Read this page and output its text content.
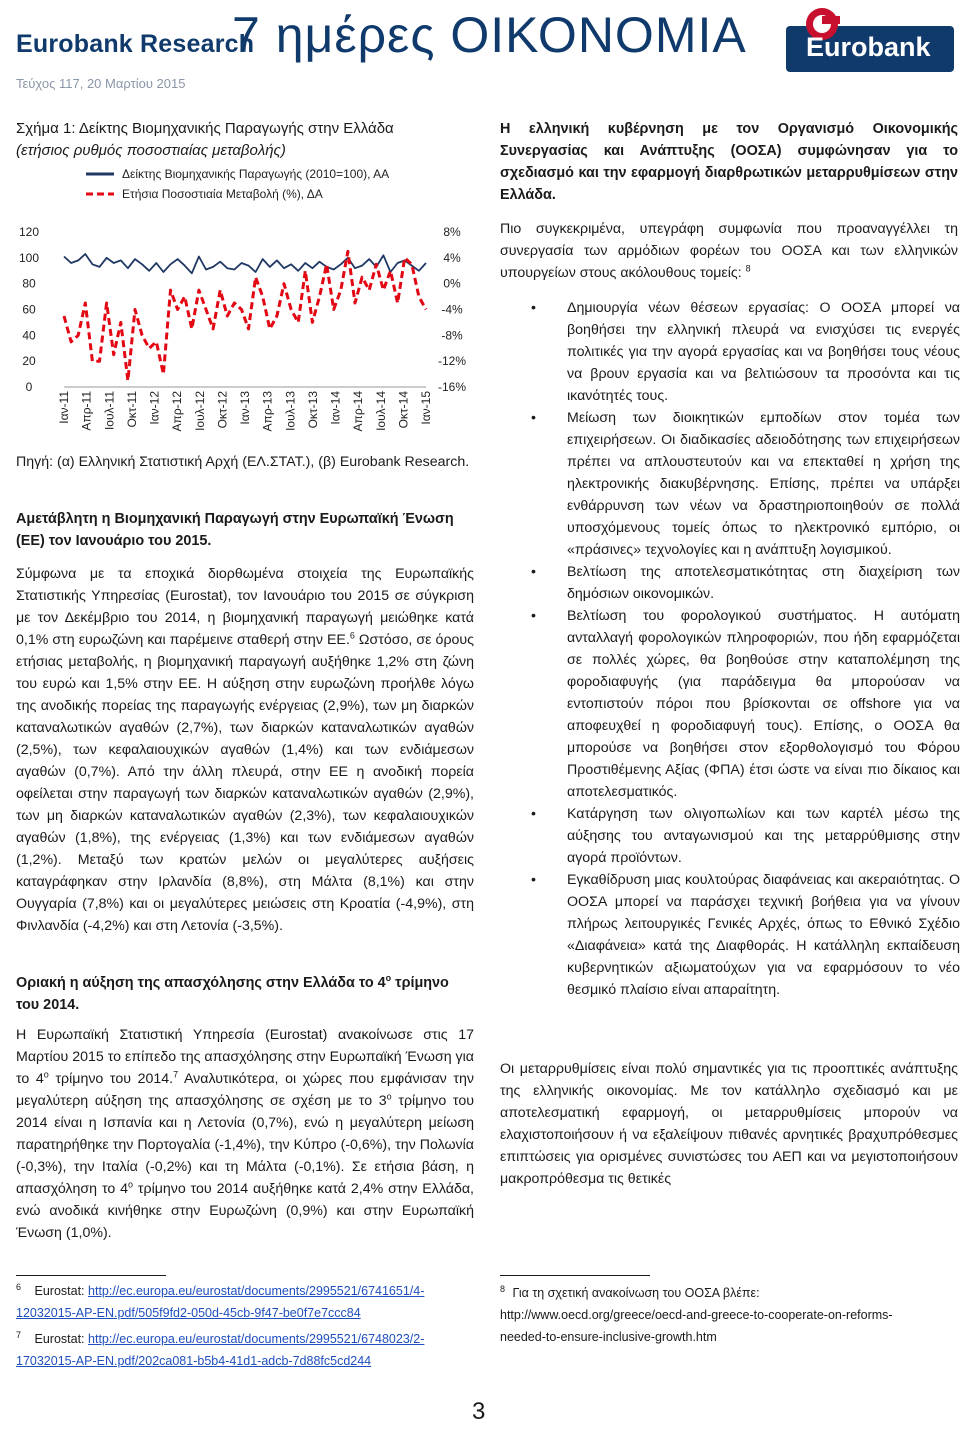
Eurobank Research
Τεύχος 117, 20 Μαρτίου 2015
7 ημέρες ΟΙΚΟΝΟΜΙΑ Eurobank
Σχήμα 1: Δείκτης Βιομηχανικής Παραγωγής στην Ελλάδα
(ετήσιος ρυθμός ποσοστιαίας μεταβολής)
Δείκτης Βιομηχανικής Παραγωγής (2010=100), ΑΑ
Ετήσια Ποσοστιαία Μεταβολή (%), ΔΑ
120
100
80
60
40
20
0
8%
4%
0%
-4%
-8%
-12%
-16%
Ιαν-11 Απρ-11 Ιουλ-11 Οκτ-11 Ιαν-12 Απρ-12 Ιουλ-12 Οκτ-12 Ιαν-13 Απρ-13 Ιουλ-13 Οκτ-13 Ιαν-14 Απρ-14 Ιουλ-14 Οκτ-14 Ιαν-15
Πηγή: (α) Ελληνική Στατιστική Αρχή (ΕΛ.ΣΤΑΤ.), (β) Eurobank Research.
Αμετάβλητη η Βιομηχανική Παραγωγή στην Ευρωπαϊκή Ένωση (ΕΕ) τον Ιανουάριο του 2015.
Σύμφωνα με τα εποχικά διορθωμένα στοιχεία της Ευρωπαϊκής Στατιστικής Υπηρεσίας (Eurostat), τον Ιανουάριο του 2015 σε σύγκριση με τον Δεκέμβριο του 2014, η βιομηχανική παραγωγή μειώθηκε κατά 0,1% στη ευρωζώνη και παρέμεινε σταθερή στην ΕΕ.$^6$ Ωστόσο, σε όρους ετήσιας μεταβολής, η βιομηχανική παραγωγή αυξήθηκε 1,2% στη ζώνη του ευρώ και 1,5% στην ΕΕ. Η αύξηση στην ευρωζώνη προήλθε λόγω της ανοδικής πορείας της παραγωγής ενέργειας (2,9%), των μη διαρκών καταναλωτικών αγαθών (2,7%), των διαρκών καταναλωτικών αγαθών (2,5%), των κεφαλαιουχικών αγαθών (1,4%) και των ενδιάμεσων αγαθών (0,7%). Από την άλλη πλευρά, στην ΕΕ η ανοδική πορεία οφείλεται στην παραγωγή των διαρκών καταναλωτικών αγαθών (2,9%), των μη διαρκών καταναλωτικών αγαθών (2,3%), των κεφαλαιουχικών αγαθών (1,8%), της ενέργειας (1,3%) και των ενδιάμεσων αγαθών (1,2%). Μεταξύ των κρατών μελών οι μεγαλύτερες αυξήσεις καταγράφηκαν στην Ιρλανδία (8,8%), στη Μάλτα (8,1%) και στην Ουγγαρία (7,8%) και οι μεγαλύτερες μειώσεις στη Κροατία (-4,9%), στη Φινλανδία (-4,2%) και στη Λετονία (-3,5%).
Οριακή η αύξηση της απασχόλησης στην Ελλάδα το $4^o$ τρίμηνο του 2014.
Η Ευρωπαϊκή Στατιστική Υπηρεσία (Eurostat) ανακοίνωσε στις 17 Μαρτίου 2015 το επίπεδο της απασχόλησης στην Ευρωπαϊκή Ένωση για το $4^o$ τρίμηνο του 2014.$^7$ Αναλυτικότερα, οι χώρες που εμφάνισαν την μεγαλύτερη αύξηση της απασχόλησης σε σχέση με το $3^o$ τρίμηνο του 2014 είναι η Ισπανία και η Λετονία (0,7%), ενώ η μεγαλύτερη μείωση παρατηρήθηκε την Πορτογαλία (-1,4%), την Κύπρο (-0,6%), την Πολωνία (-0,3%), την Ιταλία (-0,2%) και τη Μάλτα (-0,1%). Σε ετήσια βάση, η απασχόληση το $4^o$ τρίμηνο του 2014 αυξήθηκε κατά 2,4% στην Ελλάδα, ενώ ανοδικά κινήθηκε στην Ευρωζώνη (0,9%) και στην Ευρωπαϊκή Ένωση (1,0%).
Η ελληνική κυβέρνηση με τον Οργανισμό Οικονομικής Συνεργασίας και Ανάπτυξης (ΟΟΣΑ) συμφώνησαν για το σχεδιασμό και την εφαρμογή διαρθρωτικών μεταρρυθμίσεων στην Ελλάδα.
Πιο συγκεκριμένα, υπεγράφη συμφωνία που προαναγγέλλει τη συνεργασία των αρμόδιων φορέων του ΟΟΣΑ και των ελληνικών υπουργείων στους ακόλουθους τομείς: $^8$
• Δημιουργία νέων θέσεων εργασίας: Ο ΟΟΣΑ μπορεί να βοηθήσει την ελληνική πλευρά να ενισχύσει τις ενεργές πολιτικές για την αγορά εργασίας και να βοηθήσει τους νέους να βρουν εργασία και να βελτιώσουν τα προσόντα και τις ικανότητές τους.
• Μείωση των διοικητικών εμποδίων στον τομέα των επιχειρήσεων. Οι διαδικασίες αδειοδότησης των επιχειρήσεων πρέπει να απλουστευτούν και να επεκταθεί η χρήση της ηλεκτρονικής διακυβέρνησης. Επίσης, πρέπει να υπάρξει ενθάρρυνση των νέων να δραστηριοποιηθούν σε πολλά υποσχόμενους τομείς όπως το ηλεκτρονικό εμπόριο, οι «πράσινες» τεχνολογίες και η ανάπτυξη λογισμικού.
• Βελτίωση της αποτελεσματικότητας στη διαχείριση των δημόσιων οικονομικών.
• Βελτίωση του φορολογικού συστήματος. Η αυτόματη ανταλλαγή φορολογικών πληροφοριών, που ήδη εφαρμόζεται σε πολλές χώρες, θα βοηθούσε στην καταπολέμηση της φοροδιαφυγής (για παράδειγμα θα μπορούσαν να εντοπιστούν πόροι που βρίσκονται σε offshore για να αποφευχθεί η φοροδιαφυγή τους). Επίσης, ο ΟΟΣΑ θα μπορούσε να βοηθήσει στον εξορθολογισμό του Φόρου Προστιθέμενης Αξίας (ΦΠΑ) έτσι ώστε να είναι πιο δίκαιος και αποτελεσματικός.
• Κατάργηση των ολιγοπωλίων και των καρτέλ μέσω της αύξησης του ανταγωνισμού και της μεταρρύθμισης στην αγορά προϊόντων.
• Εγκαθίδρυση μιας κουλτούρας διαφάνειας και ακεραιότητας. Ο ΟΟΣΑ μπορεί να παράσχει τεχνική βοήθεια για να γίνουν πλήρως λειτουργικές Γενικές Αρχές, όπως το Εθνικό Σχέδιο «Διαφάνεια» κατά της Διαφθοράς. Η κατάλληλη εκπαίδευση κυβερνητικών αξιωματούχων για να εφαρμόσουν το νέο θεσμικό πλαίσιο είναι απαραίτητη.
Οι μεταρρυθμίσεις είναι πολύ σημαντικές για τις προοπτικές ανάπτυξης της ελληνικής οικονομίας. Με τον κατάλληλο σχεδιασμό και με αποτελεσματική εφαρμογή, οι μεταρρυθμίσεις μπορούν να ελαχιστοποιήσουν ή να εξαλείψουν πιθανές αρνητικές βραχυπρόθεσμες επιπτώσεις για ορισμένες συνιστώσες του ΑΕΠ και να μεγιστοποιήσουν μακροπρόθεσμα τις θετικές
$^6$ Eurostat: http://ec.europa.eu/eurostat/documents/2995521/6741651/4-
12032015-AP-EN.pdf/505f9fd2-050d-45cb-9f47-be0f7e7ccc84
$^7$ Eurostat: http://ec.europa.eu/eurostat/documents/2995521/6748023/2-
17032015-AP-EN.pdf/202ca081-b5b4-41d1-adcb-7d88fc5cd244
$^8$ Για τη σχετική ανακοίνωση του ΟΟΣΑ βλέπε:
http://www.oecd.org/greece/oecd-and-greece-to-cooperate-on-reforms-
needed-to-ensure-inclusive-growth.htm
3
